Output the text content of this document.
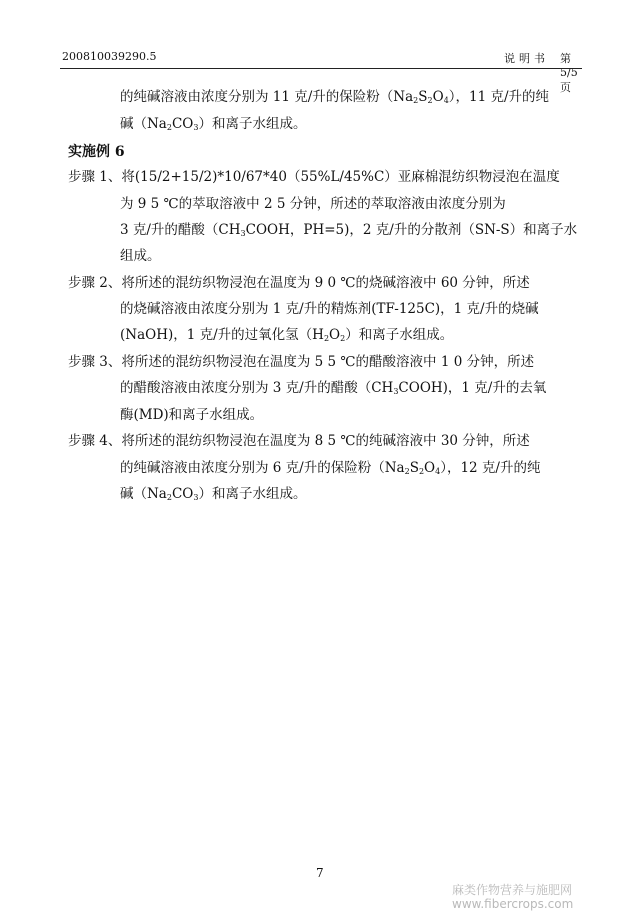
200810039290.5	说明书 第5/5页
的纯碱溶液由浓度分别为 11 克/升的保险粉$(Na_2S_2O_4)$，11 克/升的纯
碱$(Na_2CO_3)$和离子水组成。
实施例 6
步骤 1、将(15/2+15/2)*10/67*40（55%L/45%C）亚麻棉混纺织物浸泡在温度
为 9 5 ℃的萃取溶液中 2 5 分钟，所述的萃取溶液由浓度分别为
3 克/升的醋酸（$CH_3COOH$，PH=5)，2 克/升的分散剂（SN-S）和离子水
组成。
步骤 2、将所述的混纺织物浸泡在温度为 9 0 ℃的烧碱溶液中 60 分钟，所述
的烧碱溶液由浓度分别为 1 克/升的精炼剂(TF-125C)，1 克/升的烧碱
(NaOH)，1 克/升的过氧化氢$(H_2O_2)$和离子水组成。
步骤 3、将所述的混纺织物浸泡在温度为 5 5 ℃的醋酸溶液中 1 0 分钟，所述
的醋酸溶液由浓度分别为 3 克/升的醋酸$(CH_3COOH)$，1 克/升的去氧
酶(MD)和离子水组成。
步骤 4、将所述的混纺织物浸泡在温度为 8 5 ℃的纯碱溶液中 30 分钟，所述
的纯碱溶液由浓度分别为 6 克/升的保险粉$(Na_2S_2O_4)$，12 克/升的纯
碱$(Na_2CO_3)$和离子水组成。
7
麻类作物营养与施肥网
www.fibercrops.com
